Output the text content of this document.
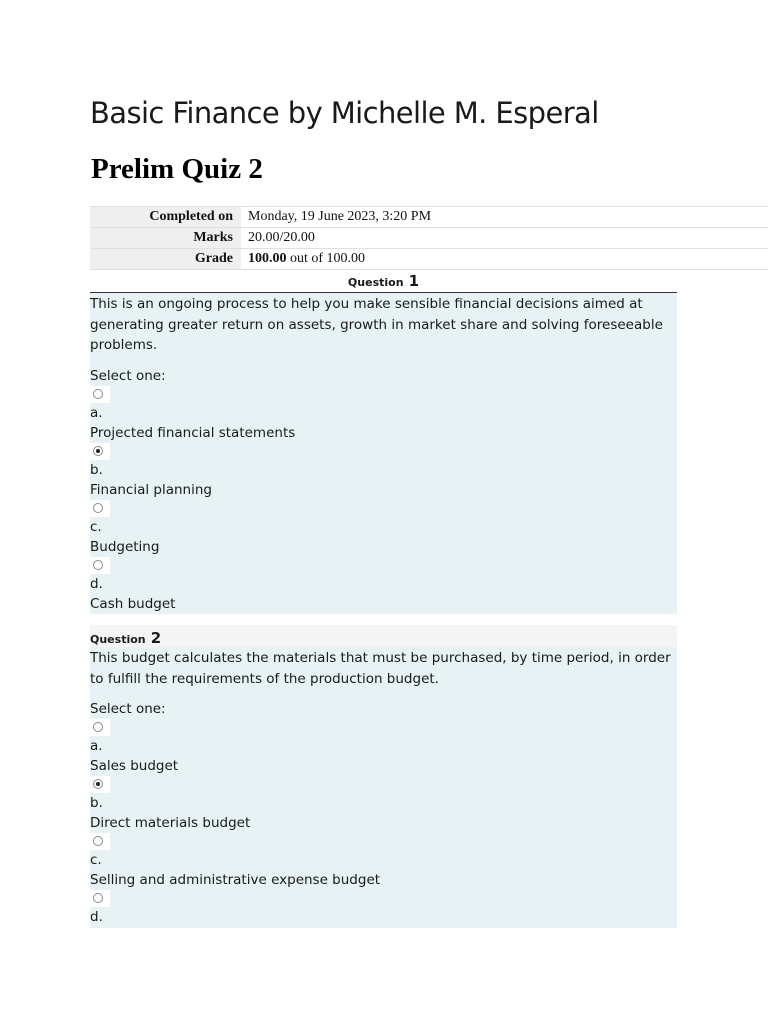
Basic Finance by Michelle M. Esperal
Prelim Quiz 2
Completed on	Monday, 19 June 2023, 3:20 PM
Marks	20.00/20.00
Grade	100.00 out of 100.00
Question 1

This is an ongoing process to help you make sensible financial decisions aimed at generating greater return on assets, growth in market share and solving foreseeable problems.

Select one:

a.
Projected financial statements
b.
Financial planning
c.
Budgeting
d.
Cash budget
Question 2

This budget calculates the materials that must be purchased, by time period, in order to fulfill the requirements of the production budget.

Select one:

a.
Sales budget
b.
Direct materials budget
c.
Selling and administrative expense budget
d.
